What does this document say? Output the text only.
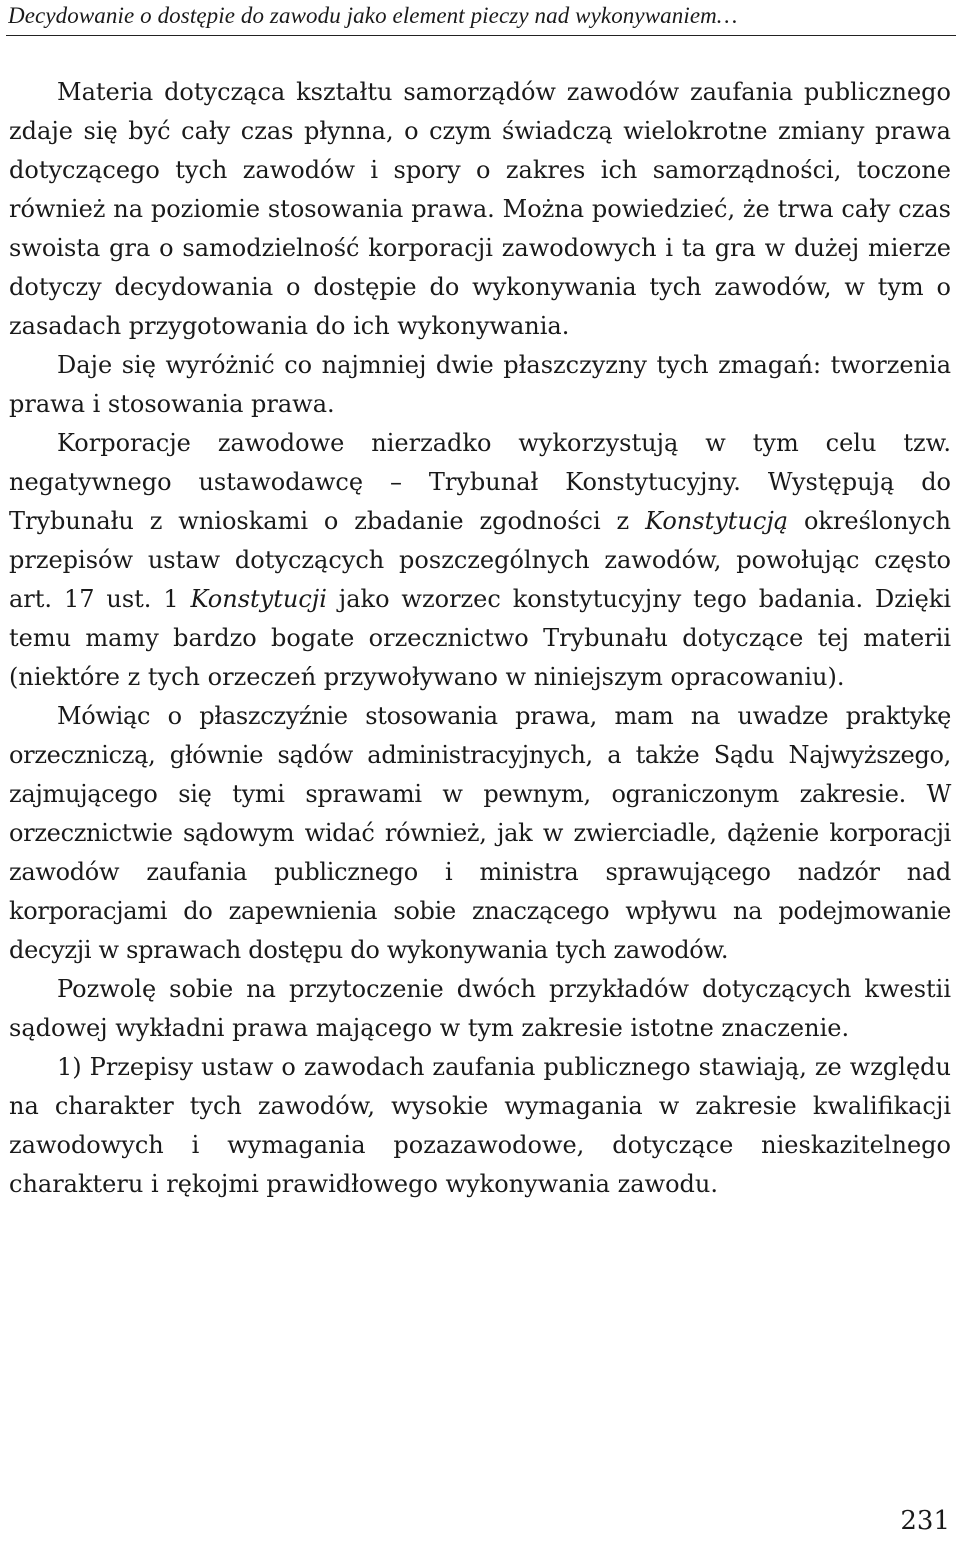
Decydowanie o dostępie do zawodu jako element pieczy nad wykonywaniem…

Materia dotycząca kształtu samorządów zawodów zaufania publicznego zdaje się być cały czas płynna, o czym świadczą wielokrotne zmiany prawa dotyczącego tych zawodów i spory o zakres ich samorządności, toczone również na poziomie stosowania prawa. Można powiedzieć, że trwa cały czas swoista gra o samodzielność korporacji zawodowych i ta gra w dużej mierze dotyczy decydowania o dostępie do wykonywania tych zawodów, w tym o zasadach przygotowania do ich wykonywania.

Daje się wyróżnić co najmniej dwie płaszczyzny tych zmagań: tworzenia prawa i stosowania prawa.

Korporacje zawodowe nierzadko wykorzystują w tym celu tzw. negatywnego ustawodawcę – Trybunał Konstytucyjny. Występują do Trybunału z wnioskami o zbadanie zgodności z Konstytucją określonych przepisów ustaw dotyczących poszczególnych zawodów, powołując często art. 17 ust. 1 Konstytucji jako wzorzec konstytucyjny tego badania. Dzięki temu mamy bardzo bogate orzecznictwo Trybunału dotyczące tej materii (niektóre z tych orzeczeń przywoływano w niniejszym opracowaniu).

Mówiąc o płaszczyźnie stosowania prawa, mam na uwadze praktykę orzeczniczą, głównie sądów administracyjnych, a także Sądu Najwyższego, zajmującego się tymi sprawami w pewnym, ograniczonym zakresie. W orzecznictwie sądowym widać również, jak w zwierciadle, dążenie korporacji zawodów zaufania publicznego i ministra sprawującego nadzór nad korporacjami do zapewnienia sobie znaczącego wpływu na podejmowanie decyzji w sprawach dostępu do wykonywania tych zawodów.

Pozwolę sobie na przytoczenie dwóch przykładów dotyczących kwestii sądowej wykładni prawa mającego w tym zakresie istotne znaczenie.

1) Przepisy ustaw o zawodach zaufania publicznego stawiają, ze względu na charakter tych zawodów, wysokie wymagania w zakresie kwalifikacji zawodowych i wymagania pozazawodowe, dotyczące nieskazitelnego charakteru i rękojmi prawidłowego wykonywania zawodu.

231
